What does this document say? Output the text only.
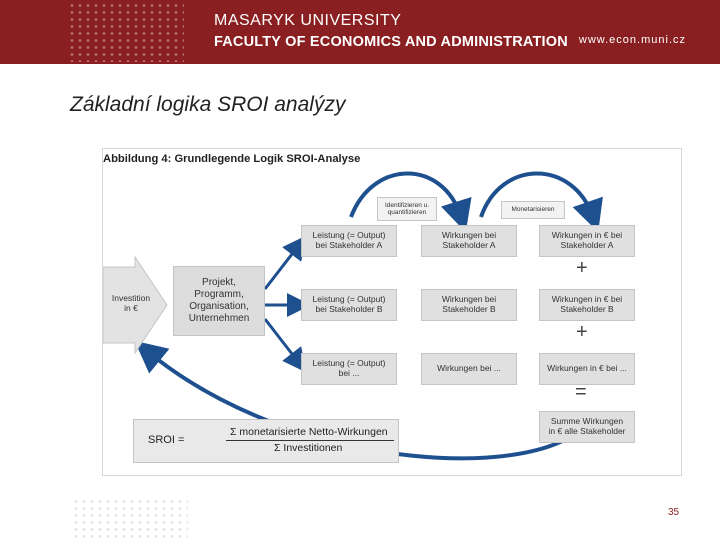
MASARYK UNIVERSITY
FACULTY OF ECONOMICS AND ADMINISTRATION www.econ.muni.cz
Základní logika SROI analýzy
Abbildung 4: Grundlegende Logik SROI-Analyse
Investition
in €
Projekt,
Programm,
Organisation,
Unternehmen
Identifizieren u.
quantifizieren	Monetarisieren
Leistung (= Output)
bei Stakeholder A
Wirkungen bei
Stakeholder A
Wirkungen in € bei
Stakeholder A
Leistung (= Output)
bei Stakeholder B
Wirkungen bei
Stakeholder B
Wirkungen in € bei
Stakeholder B
Leistung (= Output)
bei ...	Wirkungen bei ...	Wirkungen in € bei ...
+
+
=
Summe Wirkungen
in € alle Stakeholder
SROI =
Σ monetarisierte Netto-Wirkungen
Σ Investitionen
35
